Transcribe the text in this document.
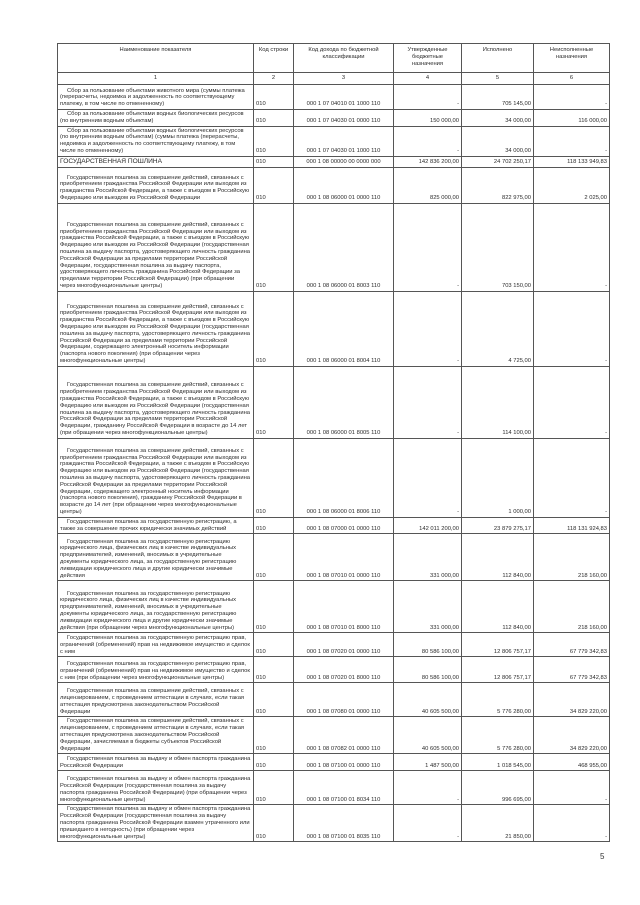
Наименование показателя	Код строки	Код дохода по бюджетной классификации	Утвержденные бюджетные назначения	Исполнено	Неисполненные назначения
1	2	3	4	5	6
Сбор за пользование объектами животного мира (суммы платежа (перерасчеты, недоимка и задолженность по соответствующему платежу, в том числе по отмененному)	010	000 1 07 04010 01 1000 110	-	705 145,00	-
Сбор за пользование объектами водных биологических ресурсов (по внутренним водным объектам)	010	000 1 07 04030 01 0000 110	150 000,00	34 000,00	116 000,00
Сбор за пользование объектами водных биологических ресурсов (по внутренним водным объектам) (суммы платежа (перерасчеты, недоимка и задолженность по соответствующему платежу, в том числе по отмененному)	010	000 1 07 04030 01 1000 110	-	34 000,00	-
ГОСУДАРСТВЕННАЯ ПОШЛИНА	010	000 1 08 00000 00 0000 000	142 836 200,00	24 702 250,17	118 133 949,83
Государственная пошлина за совершение действий, связанных с приобретением гражданства Российской Федерации или выходом из гражданства Российской Федерации, а также с въездом в Российскую Федерацию или выездом из Российской Федерации	010	000 1 08 06000 01 0000 110	825 000,00	822 975,00	2 025,00
Государственная пошлина за совершение действий, связанных с приобретением гражданства Российской Федерации или выходом из гражданства Российской Федерации, а также с въездом в Российскую Федерацию или выездом из Российской Федерации (государственная пошлина за выдачу паспорта, удостоверяющего личность гражданина Российской Федерации за пределами территории Российской Федерации, государственная пошлина за выдачу паспорта, удостоверяющего личность гражданина Российской Федерации за пределами территории Российской Федерации) (при обращении через многофункциональные центры)	010	000 1 08 06000 01 8003 110	-	703 150,00	-
Государственная пошлина за совершение действий, связанных с приобретением гражданства Российской Федерации или выходом из гражданства Российской Федерации, а также с въездом в Российскую Федерацию или выездом из Российской Федерации (государственная пошлина за выдачу паспорта, удостоверяющего личность гражданина Российской Федерации за пределами территории Российской Федерации, содержащего электронный носитель информации (паспорта нового поколения) (при обращении через многофункциональные центры)	010	000 1 08 06000 01 8004 110	-	4 725,00	-
Государственная пошлина за совершение действий, связанных с приобретением гражданства Российской Федерации или выходом из гражданства Российской Федерации, а также с въездом в Российскую Федерацию или выездом из Российской Федерации (государственная пошлина за выдачу паспорта, удостоверяющего личность гражданина Российской Федерации за пределами территории Российской Федерации, гражданину Российской Федерации в возрасте до 14 лет (при обращении через многофункциональные центры)	010	000 1 08 06000 01 8005 110	-	114 100,00	-
Государственная пошлина за совершение действий, связанных с приобретением гражданства Российской Федерации или выходом из гражданства Российской Федерации, а также с въездом в Российскую Федерацию или выездом из Российской Федерации (государственная пошлина за выдачу паспорта, удостоверяющего личность гражданина Российской Федерации за пределами территории Российской Федерации, содержащего электронный носитель информации (паспорта нового поколения), гражданину Российской Федерации в возрасте до 14 лет (при обращении через многофункциональные центры)	010	000 1 08 06000 01 8006 110	-	1 000,00	-
Государственная пошлина за государственную регистрацию, а также за совершение прочих юридически значимых действий	010	000 1 08 07000 01 0000 110	142 011 200,00	23 879 275,17	118 131 924,83
Государственная пошлина за государственную регистрацию юридического лица, физических лиц в качестве индивидуальных предпринимателей, изменений, вносимых в учредительные документы юридического лица, за государственную регистрацию ликвидации юридического лица и другие юридически значимые действия	010	000 1 08 07010 01 0000 110	331 000,00	112 840,00	218 160,00
Государственная пошлина за государственную регистрацию юридического лица, физических лиц в качестве индивидуальных предпринимателей, изменений, вносимых в учредительные документы юридического лица, за государственную регистрацию ликвидации юридического лица и другие юридически значимые действия (при обращении через многофункциональные центры)	010	000 1 08 07010 01 8000 110	331 000,00	112 840,00	218 160,00
Государственная пошлина за государственную регистрацию прав, ограничений (обременений) прав на недвижимое имущество и сделок с ним	010	000 1 08 07020 01 0000 110	80 586 100,00	12 806 757,17	67 779 342,83
Государственная пошлина за государственную регистрацию прав, ограничений (обременений) прав на недвижимое имущество и сделок с ним (при обращении через многофункциональные центры)	010	000 1 08 07020 01 8000 110	80 586 100,00	12 806 757,17	67 779 342,83
Государственная пошлина за совершение действий, связанных с лицензированием, с проведением аттестации в случаях, если такая аттестация предусмотрена законодательством Российской Федерации	010	000 1 08 07080 01 0000 110	40 605 500,00	5 776 280,00	34 829 220,00
Государственная пошлина за совершение действий, связанных с лицензированием, с проведением аттестации в случаях, если такая аттестация предусмотрена законодательством Российской Федерации, зачисляемая в бюджеты субъектов Российской Федерации	010	000 1 08 07082 01 0000 110	40 605 500,00	5 776 280,00	34 829 220,00
Государственная пошлина за выдачу и обмен паспорта гражданина Российской Федерации	010	000 1 08 07100 01 0000 110	1 487 500,00	1 018 545,00	468 955,00
Государственная пошлина за выдачу и обмен паспорта гражданина Российской Федерации (государственная пошлина за выдачу паспорта гражданина Российской Федерации) (при обращении через многофункциональные центры)	010	000 1 08 07100 01 8034 110	-	996 695,00	-
Государственная пошлина за выдачу и обмен паспорта гражданина Российской Федерации (государственная пошлина за выдачу паспорта гражданина Российской Федерации взамен утраченного или пришедшего в негодность) (при обращении через многофункциональные центры)	010	000 1 08 07100 01 8035 110	-	21 850,00	-
5
